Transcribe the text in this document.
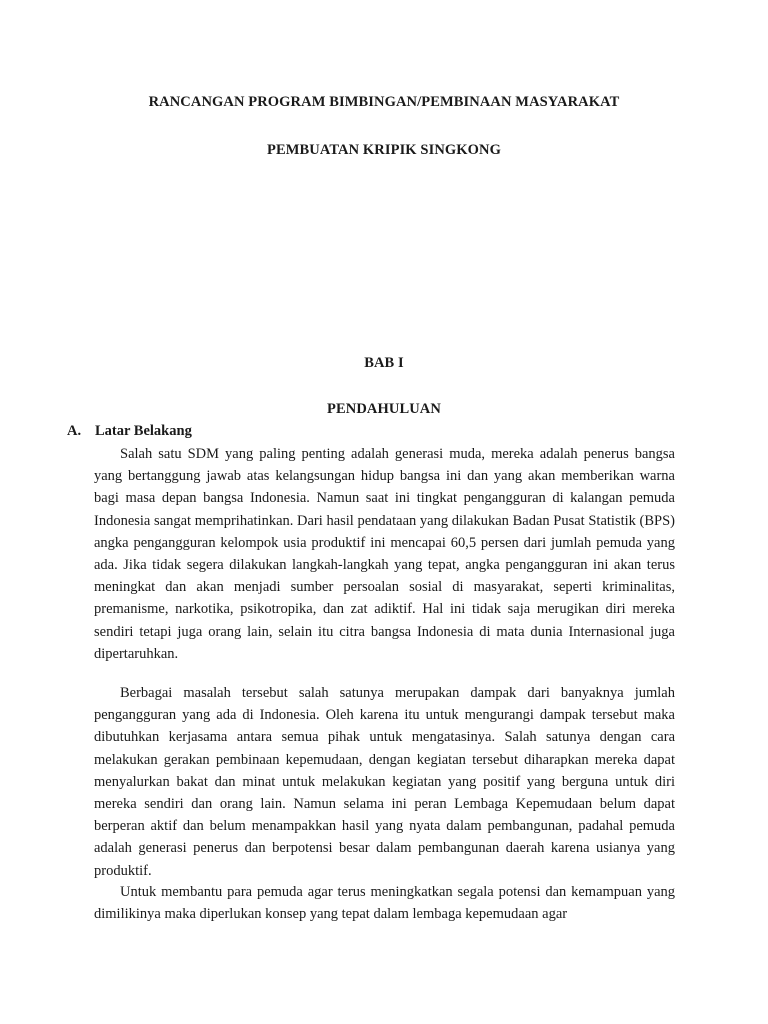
RANCANGAN PROGRAM BIMBINGAN/PEMBINAAN MASYARAKAT
PEMBUATAN KRIPIK SINGKONG
BAB I
PENDAHULUAN
A. Latar Belakang

Salah satu SDM yang paling penting adalah generasi muda, mereka adalah penerus bangsa yang bertanggung jawab atas kelangsungan hidup bangsa ini dan yang akan memberikan warna bagi masa depan bangsa Indonesia. Namun saat ini tingkat pengangguran di kalangan pemuda Indonesia sangat memprihatinkan. Dari hasil pendataan yang dilakukan Badan Pusat Statistik (BPS) angka pengangguran kelompok usia produktif ini mencapai 60,5 persen dari jumlah pemuda yang ada. Jika tidak segera dilakukan langkah-langkah yang tepat, angka pengangguran ini akan terus meningkat dan akan menjadi sumber persoalan sosial di masyarakat, seperti kriminalitas, premanisme, narkotika, psikotropika, dan zat adiktif. Hal ini tidak saja merugikan diri mereka sendiri tetapi juga orang lain, selain itu citra bangsa Indonesia di mata dunia Internasional juga dipertaruhkan.

Berbagai masalah tersebut salah satunya merupakan dampak dari banyaknya jumlah pengangguran yang ada di Indonesia. Oleh karena itu untuk mengurangi dampak tersebut maka dibutuhkan kerjasama antara semua pihak untuk mengatasinya. Salah satunya dengan cara melakukan gerakan pembinaan kepemudaan, dengan kegiatan tersebut diharapkan mereka dapat menyalurkan bakat dan minat untuk melakukan kegiatan yang positif yang berguna untuk diri mereka sendiri dan orang lain. Namun selama ini peran Lembaga Kepemudaan belum dapat berperan aktif dan belum menampakkan hasil yang nyata dalam pembangunan, padahal pemuda adalah generasi penerus dan berpotensi besar dalam pembangunan daerah karena usianya yang produktif.

Untuk membantu para pemuda agar terus meningkatkan segala potensi dan kemampuan yang dimilikinya maka diperlukan konsep yang tepat dalam lembaga kepemudaan agar
